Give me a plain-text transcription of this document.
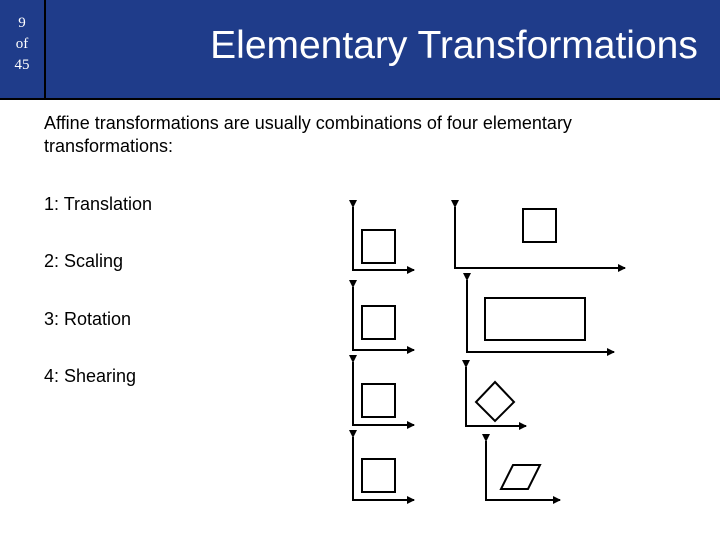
9
of
45	Elementary Transformations
Affine transformations are usually combinations of four elementary transformations:
1: Translation
2: Scaling
3: Rotation
4: Shearing
